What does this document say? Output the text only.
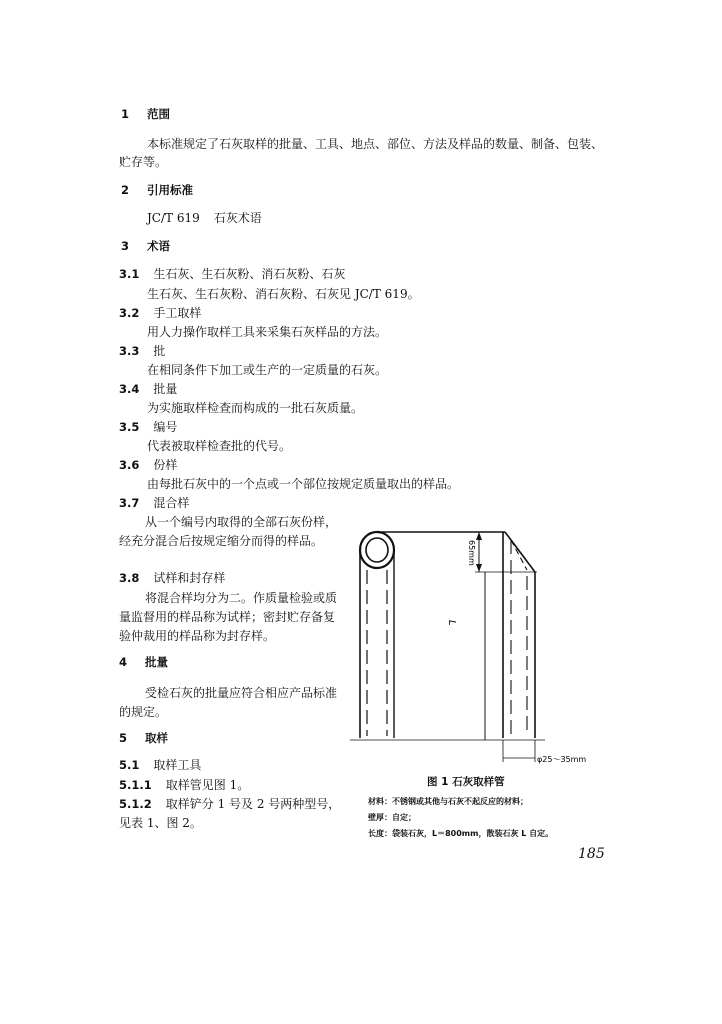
1 范围
本标准规定了石灰取样的批量、工具、地点、部位、方法及样品的数量、制备、包装、
贮存等。
2 引用标准
JC/T 619 石灰术语
3 术语
3.1 生石灰、生石灰粉、消石灰粉、石灰
生石灰、生石灰粉、消石灰粉、石灰见 JC/T 619。
3.2 手工取样
用人力操作取样工具来采集石灰样品的方法。
3.3 批
在相同条件下加工或生产的一定质量的石灰。
3.4 批量
为实施取样检查而构成的一批石灰质量。
3.5 编号
代表被取样检查批的代号。
3.6 份样
由每批石灰中的一个点或一个部位按规定质量取出的样品。
3.7 混合样
从一个编号内取得的全部石灰份样，经充分混合后按规定缩分而得的样品。
3.8 试样和封存样
将混合样均分为二。作质量检验或质量监督用的样品称为试样；密封贮存备复验仲裁用的样品称为封存样。
4 批量
受检石灰的批量应符合相应产品标准的规定。
5 取样
5.1 取样工具
5.1.1 取样管见图 1。
5.1.2 取样铲分 1 号及 2 号两种型号，见表 1、图 2。
65mm
L
φ25～35mm
图 1 石灰取样管
材料：不锈钢或其他与石灰不起反应的材料；
壁厚：自定；
长度：袋装石灰，L＝800mm，散装石灰 L 自定。
185
